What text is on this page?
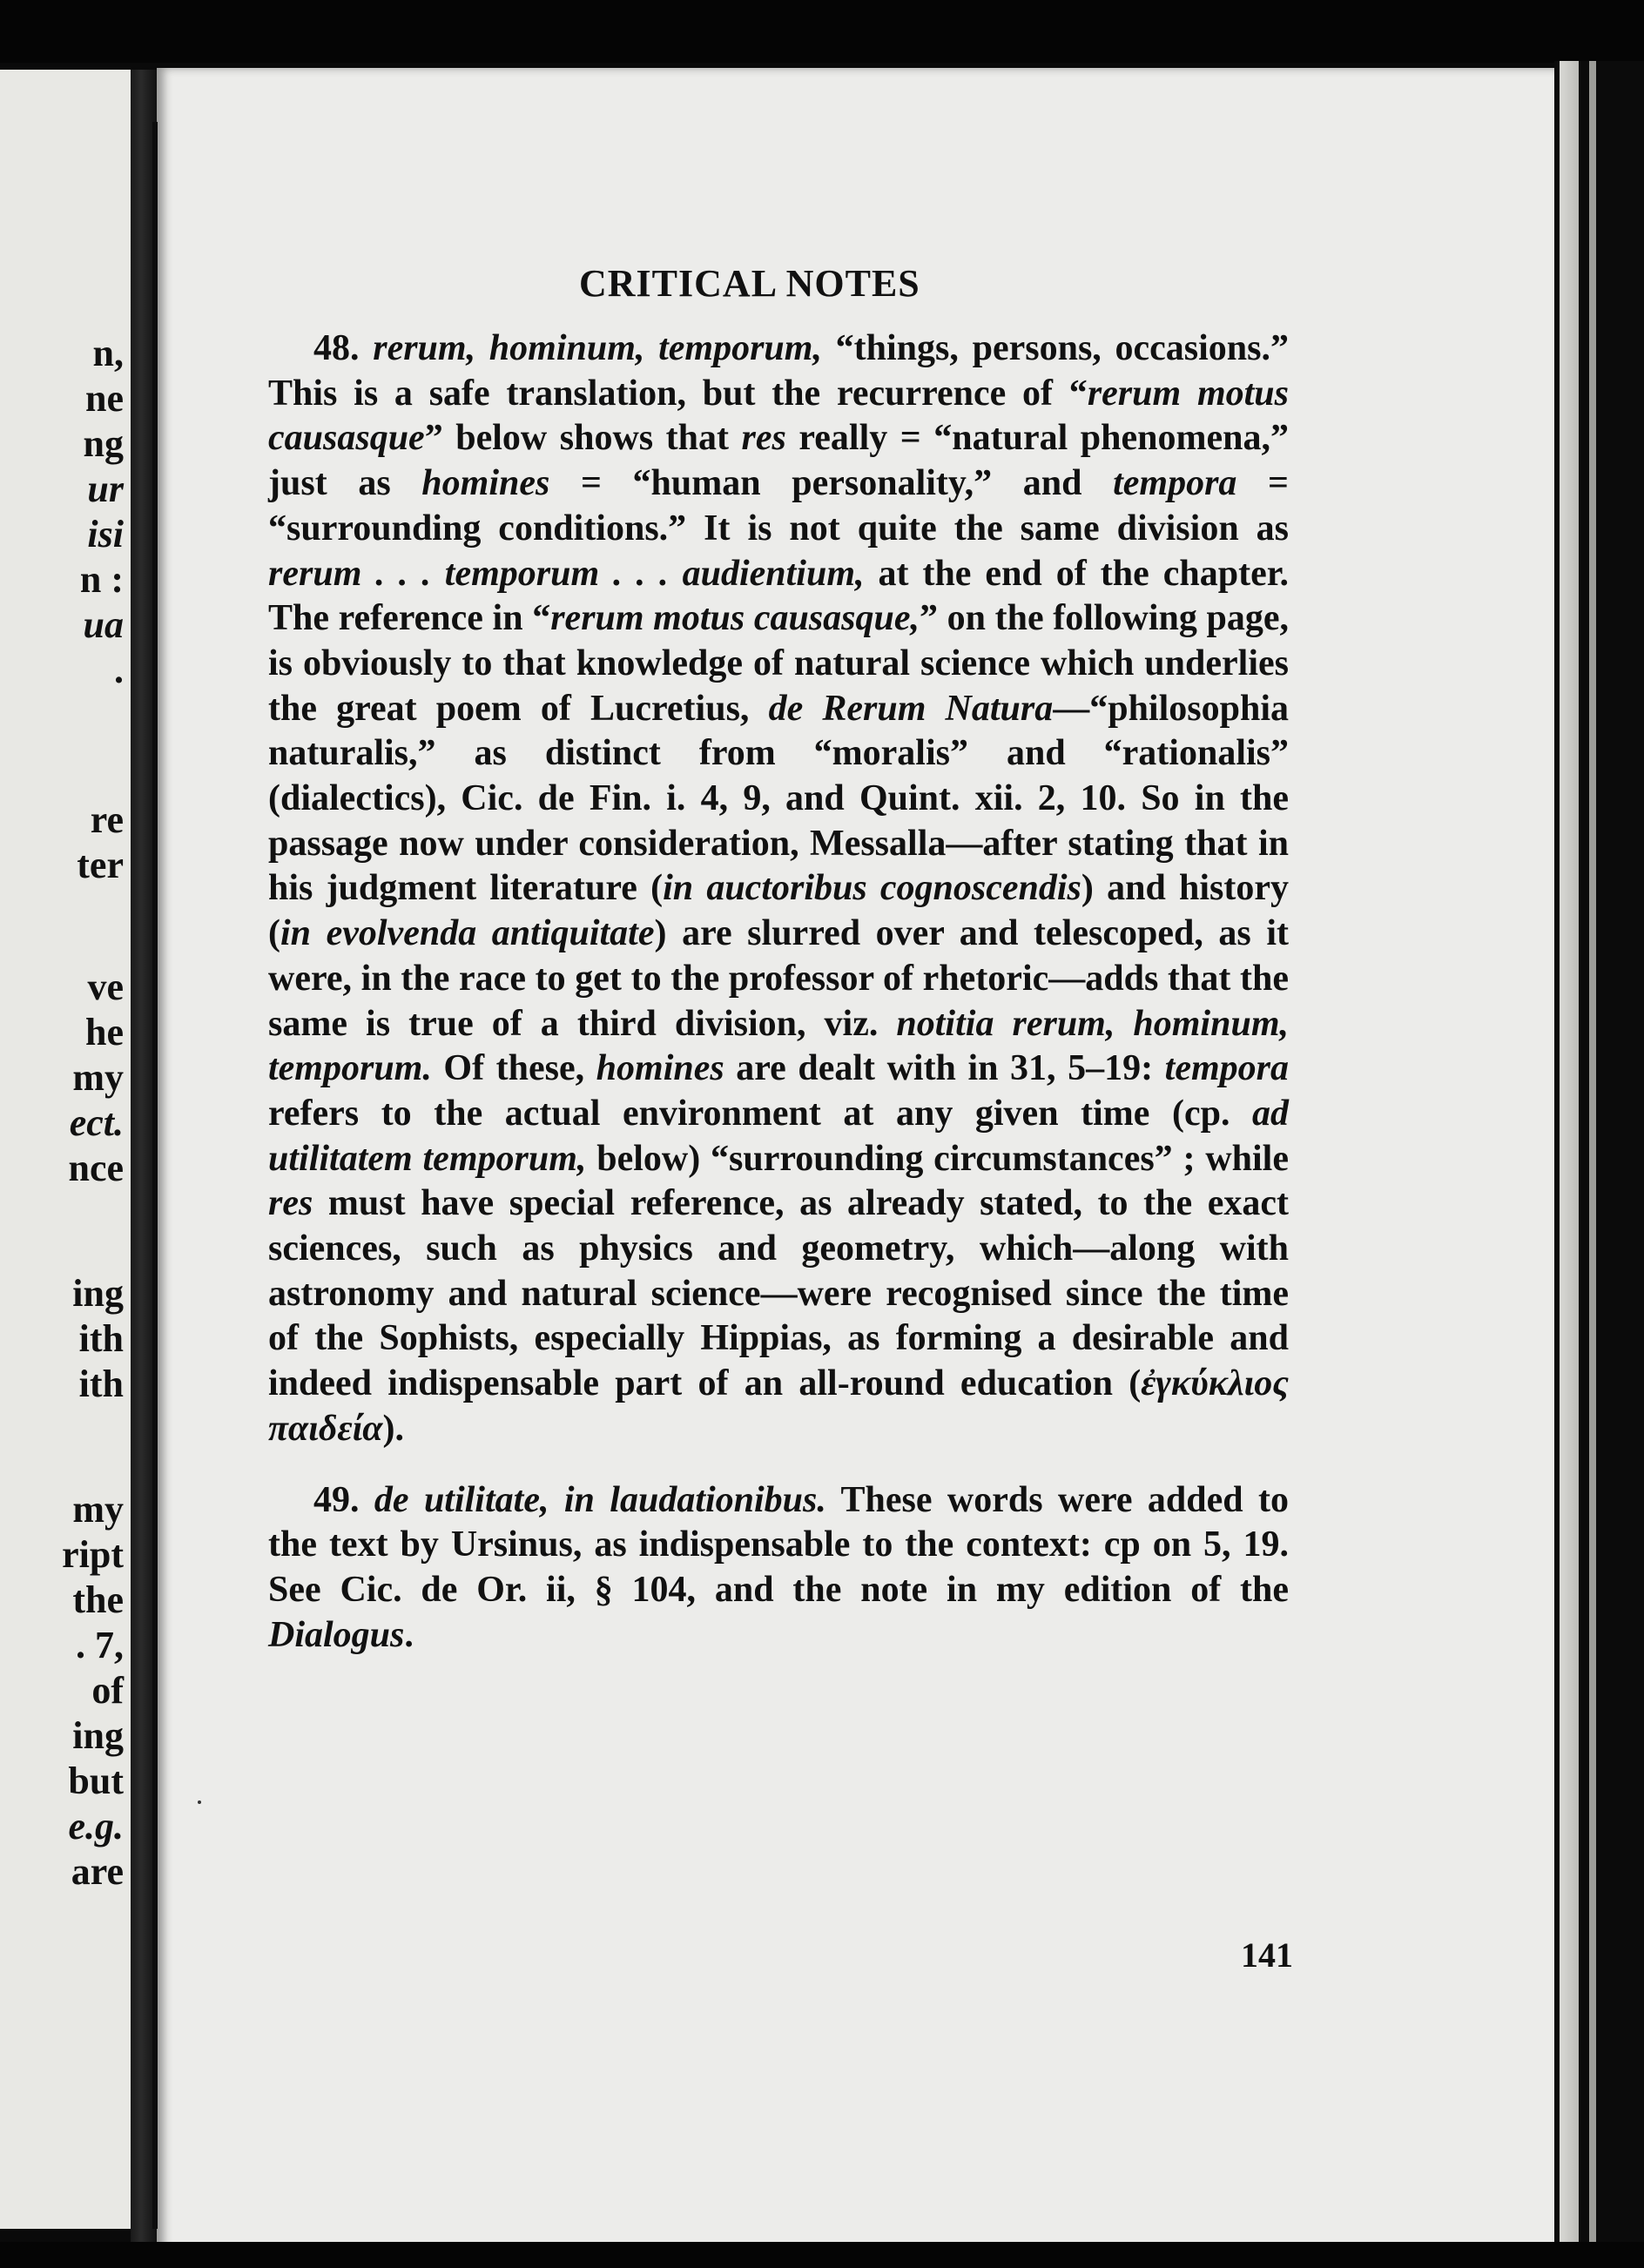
n,
ne
ng
ur
isi
n :
ua
.
re
ter
ve
he
my
ect.
nce
ing
ith
ith
my
ript
the
. 7,
of
ing
but
e.g.
are
CRITICAL NOTES

48. rerum, hominum, temporum, “things, persons, occasions.” This is a safe translation, but the recurrence of “rerum motus causasque” below shows that res really = “natural phenomena,” just as homines = “human personality,” and tempora = “surrounding conditions.” It is not quite the same division as rerum . . . temporum . . . audientium, at the end of the chapter. The reference in “rerum motus causasque,” on the following page, is obviously to that knowledge of natural science which underlies the great poem of Lucretius, de Rerum Natura—“philosophia naturalis,” as distinct from “moralis” and “rationalis” (dialectics), Cic. de Fin. i. 4, 9, and Quint. xii. 2, 10. So in the passage now under consideration, Messalla—after stating that in his judgment literature (in auctoribus cognoscendis) and history (in evolvenda antiquitate) are slurred over and telescoped, as it were, in the race to get to the professor of rhetoric—adds that the same is true of a third division, viz. notitia rerum, hominum, temporum. Of these, homines are dealt with in 31, 5–19: tempora refers to the actual environment at any given time (cp. ad utilitatem temporum, below) “surrounding circumstances” ; while res must have special reference, as already stated, to the exact sciences, such as physics and geometry, which—along with astronomy and natural science—were recognised since the time of the Sophists, especially Hippias, as forming a desirable and indeed indispensable part of an all-round education (ἐγκύκλιος παιδεία).

49. de utilitate, in laudationibus. These words were added to the text by Ursinus, as indispensable to the context: cp on 5, 19. See Cic. de Or. ii, § 104, and the note in my edition of the Dialogus.

141
